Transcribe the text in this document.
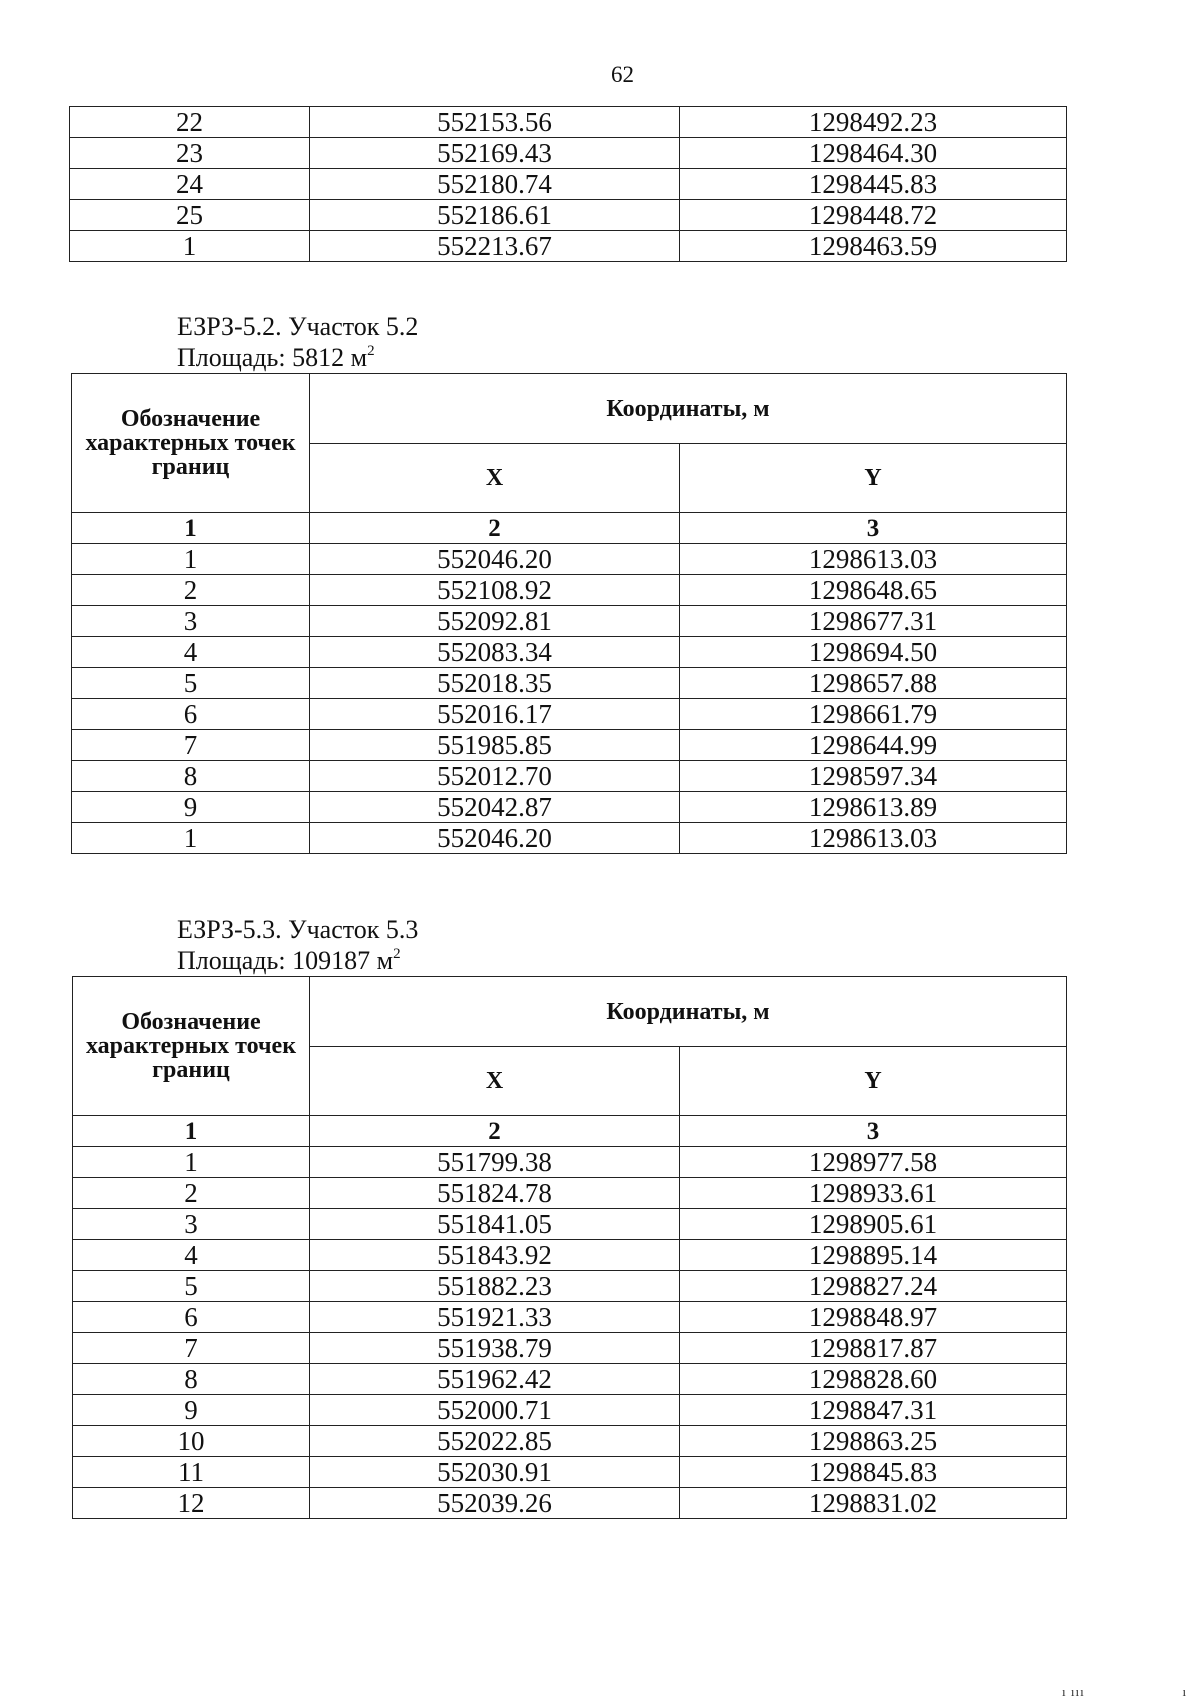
62
22	552153.56	1298492.23
23	552169.43	1298464.30
24	552180.74	1298445.83
25	552186.61	1298448.72
1	552213.67	1298463.59
ЕЗРЗ-5.2. Участок 5.2
Площадь: 5812 $м^2$
Обозначение характерных точек границ	Координаты, м	
	X	Y
1	2	3
1	552046.20	1298613.03
2	552108.92	1298648.65
3	552092.81	1298677.31
4	552083.34	1298694.50
5	552018.35	1298657.88
6	552016.17	1298661.79
7	551985.85	1298644.99
8	552012.70	1298597.34
9	552042.87	1298613.89
1	552046.20	1298613.03
ЕЗРЗ-5.3. Участок 5.3
Площадь: 109187 $м^2$
Обозначение характерных точек границ	Координаты, м	
	X	Y
1	2	3
1	551799.38	1298977.58
2	551824.78	1298933.61
3	551841.05	1298905.61
4	551843.92	1298895.14
5	551882.23	1298827.24
6	551921.33	1298848.97
7	551938.79	1298817.87
8	551962.42	1298828.60
9	552000.71	1298847.31
10	552022.85	1298863.25
11	552030.91	1298845.83
12	552039.26	1298831.02
ı ııı                       ı
